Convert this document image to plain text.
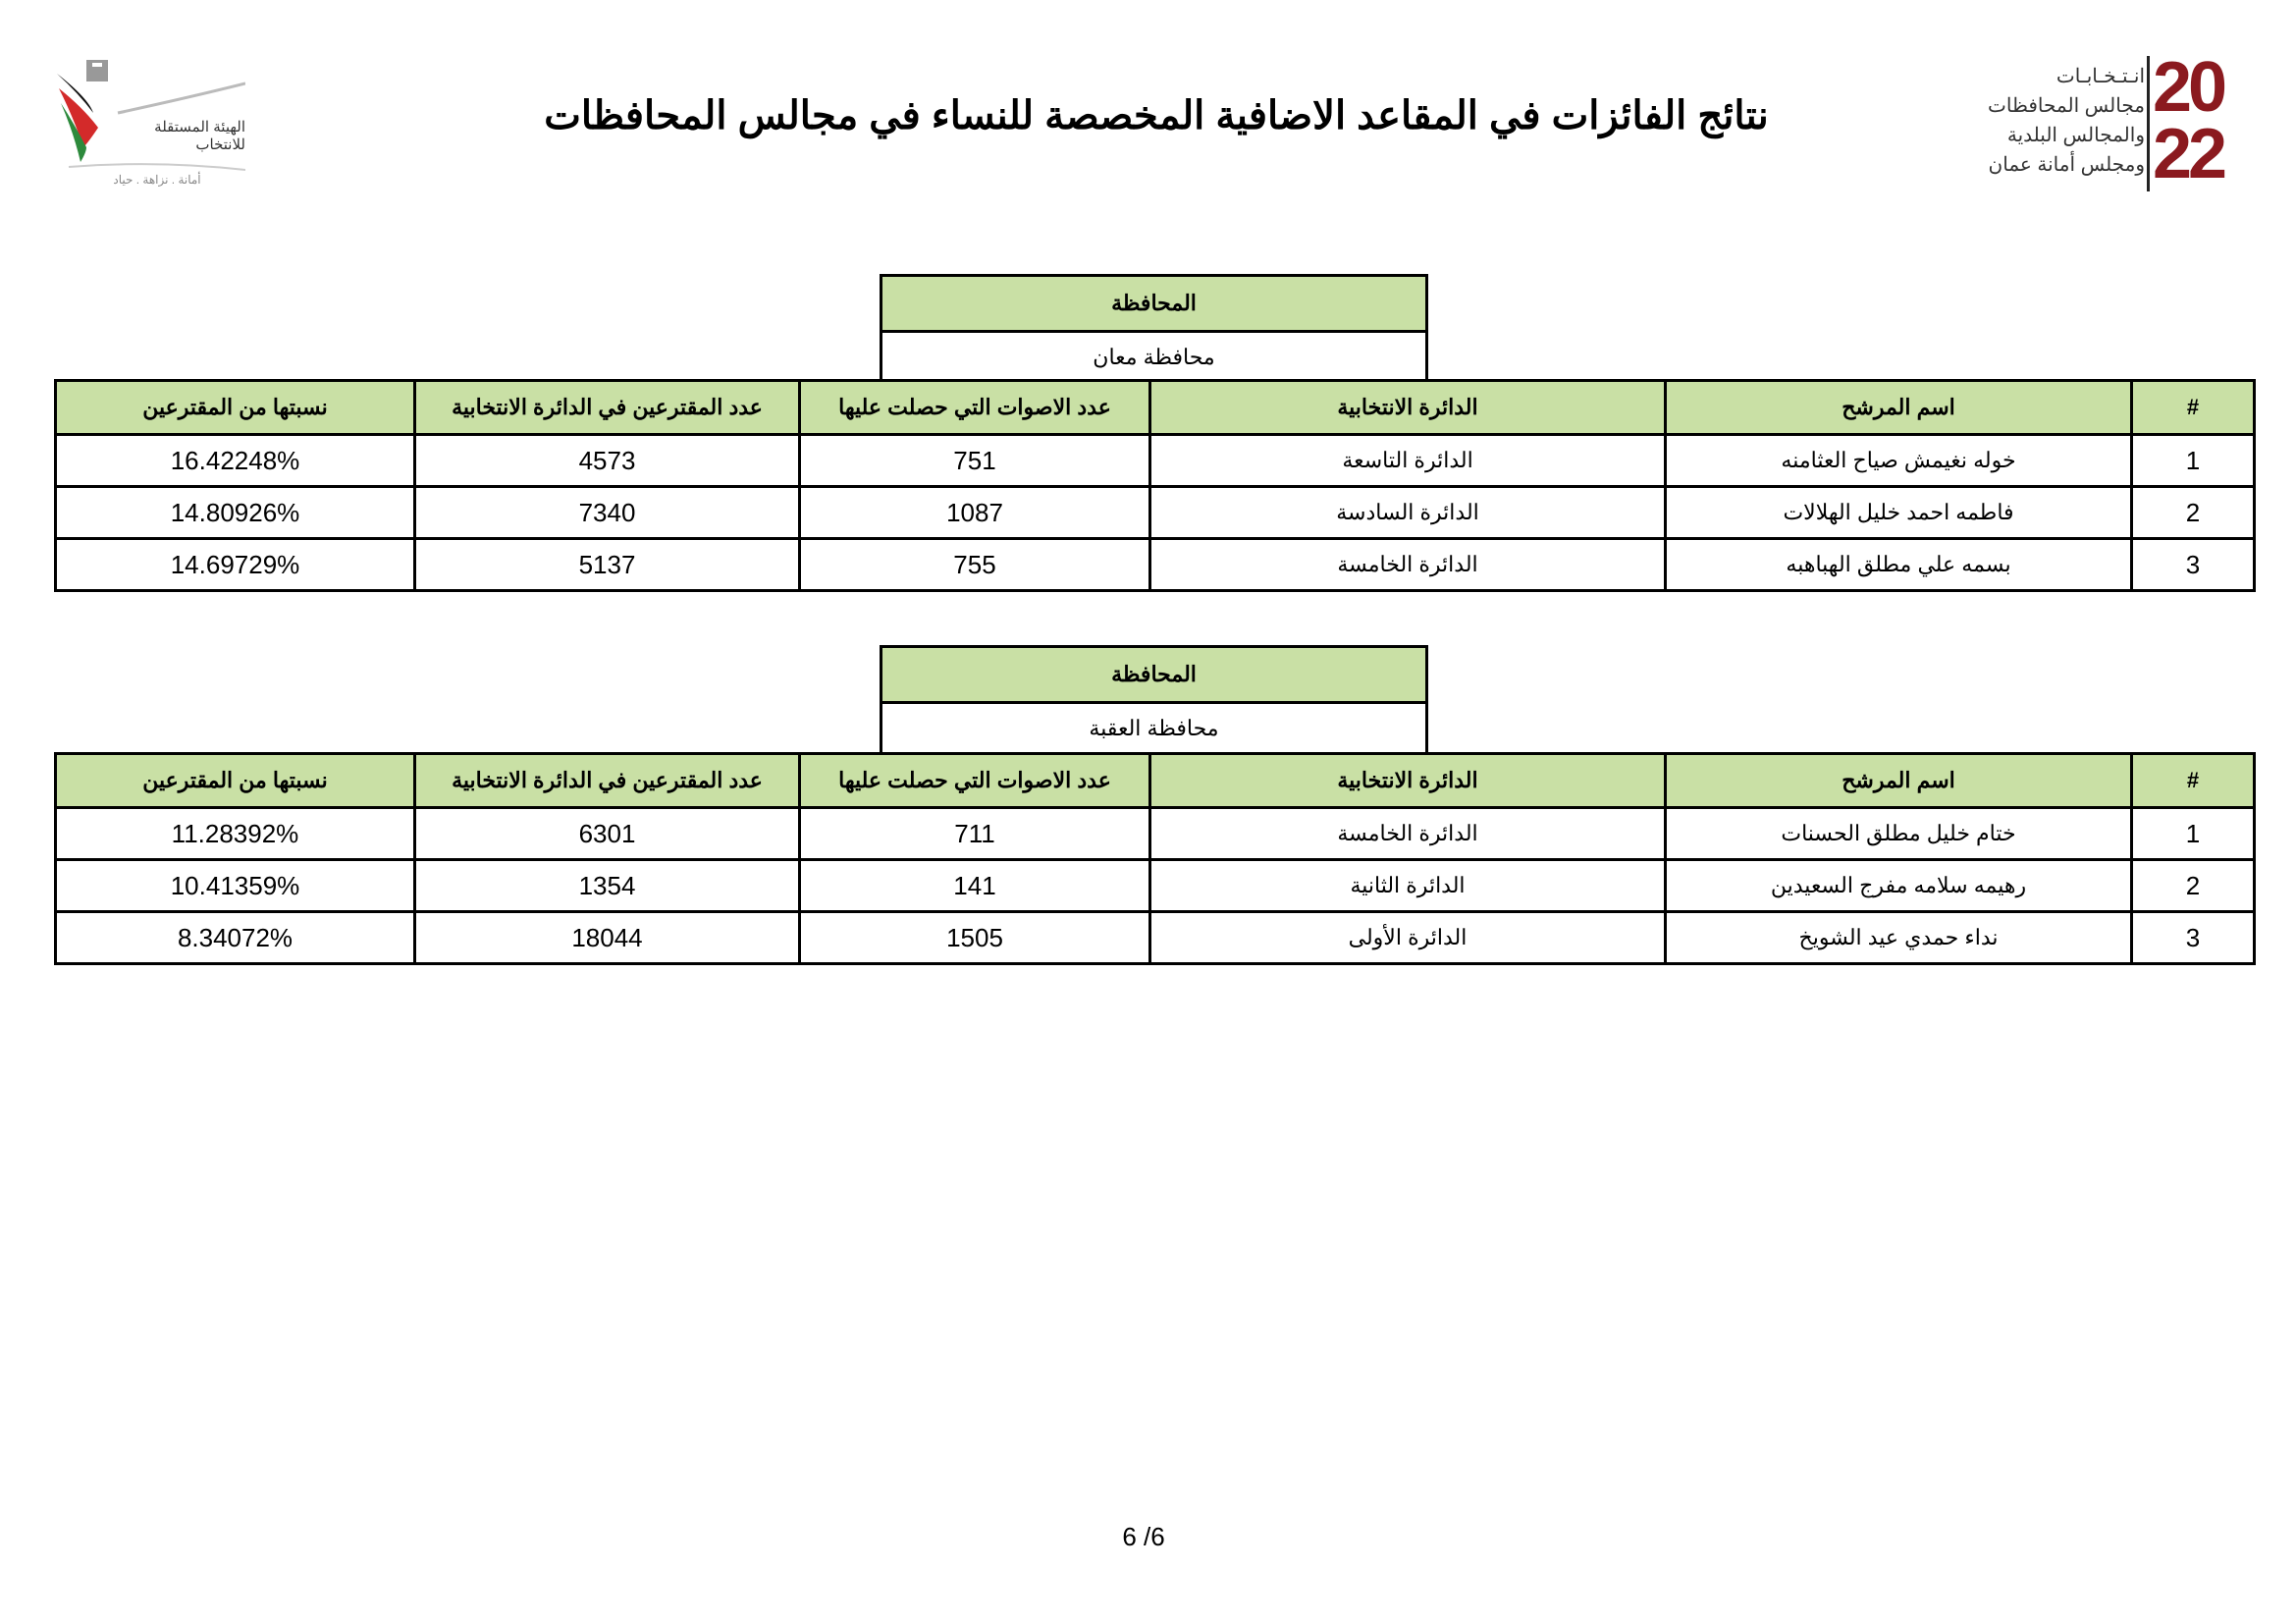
الهيئة المستقلة
للانتخاب
أمانة . نزاهة . حياد
نتائج الفائزات في المقاعد الاضافية المخصصة للنساء في مجالس المحافظات
انـتـخـابـات
مجالس المحافظات
والمجالس البلدية
ومجلس أمانة عمان
2022
المحافظة
محافظة معان
#	اسم المرشح	الدائرة الانتخابية	عدد الاصوات التي حصلت عليها	عدد المقترعين في الدائرة الانتخابية	نسبتها من المقترعين
1	خوله نغيمش صياح العثامنه	الدائرة التاسعة	751	4573	16.42248%
2	فاطمه احمد خليل الهلالات	الدائرة السادسة	1087	7340	14.80926%
3	بسمه علي مطلق الهباهبه	الدائرة الخامسة	755	5137	14.69729%
المحافظة
محافظة العقبة
#	اسم المرشح	الدائرة الانتخابية	عدد الاصوات التي حصلت عليها	عدد المقترعين في الدائرة الانتخابية	نسبتها من المقترعين
1	ختام خليل مطلق الحسنات	الدائرة الخامسة	711	6301	11.28392%
2	رهيمه سلامه مفرج السعيدين	الدائرة الثانية	141	1354	10.41359%
3	نداء حمدي عيد الشويخ	الدائرة الأولى	1505	18044	8.34072%
6 /6
